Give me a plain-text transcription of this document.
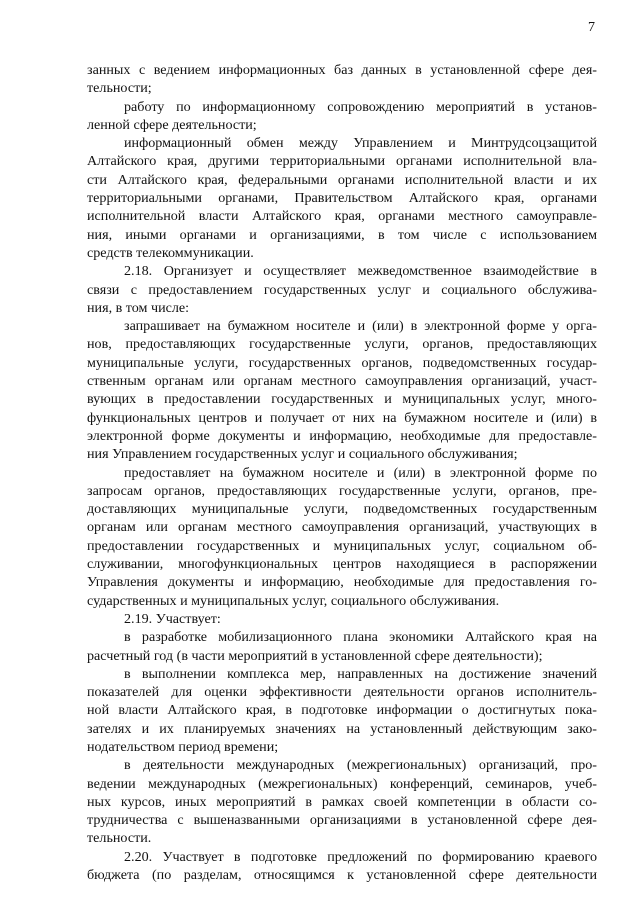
7
занных с ведением информационных баз данных в установленной сфере дея-
тельности;
работу по информационному сопровождению мероприятий в установ-
ленной сфере деятельности;
информационный обмен между Управлением и Минтрудсоцзащитой
Алтайского края, другими территориальными органами исполнительной вла-
сти Алтайского края, федеральными органами исполнительной власти и их
территориальными органами, Правительством Алтайского края, органами
исполнительной власти Алтайского края, органами местного самоуправле-
ния, иными органами и организациями, в том числе с использованием
средств телекоммуникации.
2.18. Организует и осуществляет межведомственное взаимодействие в
связи с предоставлением государственных услуг и социального обслужива-
ния, в том числе:
запрашивает на бумажном носителе и (или) в электронной форме у орга-
нов, предоставляющих государственные услуги, органов, предоставляющих
муниципальные услуги, государственных органов, подведомственных государ-
ственным органам или органам местного самоуправления организаций, участ-
вующих в предоставлении государственных и муниципальных услуг, много-
функциональных центров и получает от них на бумажном носителе и (или) в
электронной форме документы и информацию, необходимые для предоставле-
ния Управлением государственных услуг и социального обслуживания;
предоставляет на бумажном носителе и (или) в электронной форме по
запросам органов, предоставляющих государственные услуги, органов, пре-
доставляющих муниципальные услуги, подведомственных государственным
органам или органам местного самоуправления организаций, участвующих в
предоставлении государственных и муниципальных услуг, социальном об-
служивании, многофункциональных центров находящиеся в распоряжении
Управления документы и информацию, необходимые для предоставления го-
сударственных и муниципальных услуг, социального обслуживания.
2.19. Участвует:
в разработке мобилизационного плана экономики Алтайского края на
расчетный год (в части мероприятий в установленной сфере деятельности);
в выполнении комплекса мер, направленных на достижение значений
показателей для оценки эффективности деятельности органов исполнитель-
ной власти Алтайского края, в подготовке информации о достигнутых пока-
зателях и их планируемых значениях на установленный действующим зако-
нодательством период времени;
в деятельности международных (межрегиональных) организаций, про-
ведении международных (межрегиональных) конференций, семинаров, учеб-
ных курсов, иных мероприятий в рамках своей компетенции в области со-
трудничества с вышеназванными организациями в установленной сфере дея-
тельности.
2.20. Участвует в подготовке предложений по формированию краевого
бюджета (по разделам, относящимся к установленной сфере деятельности
